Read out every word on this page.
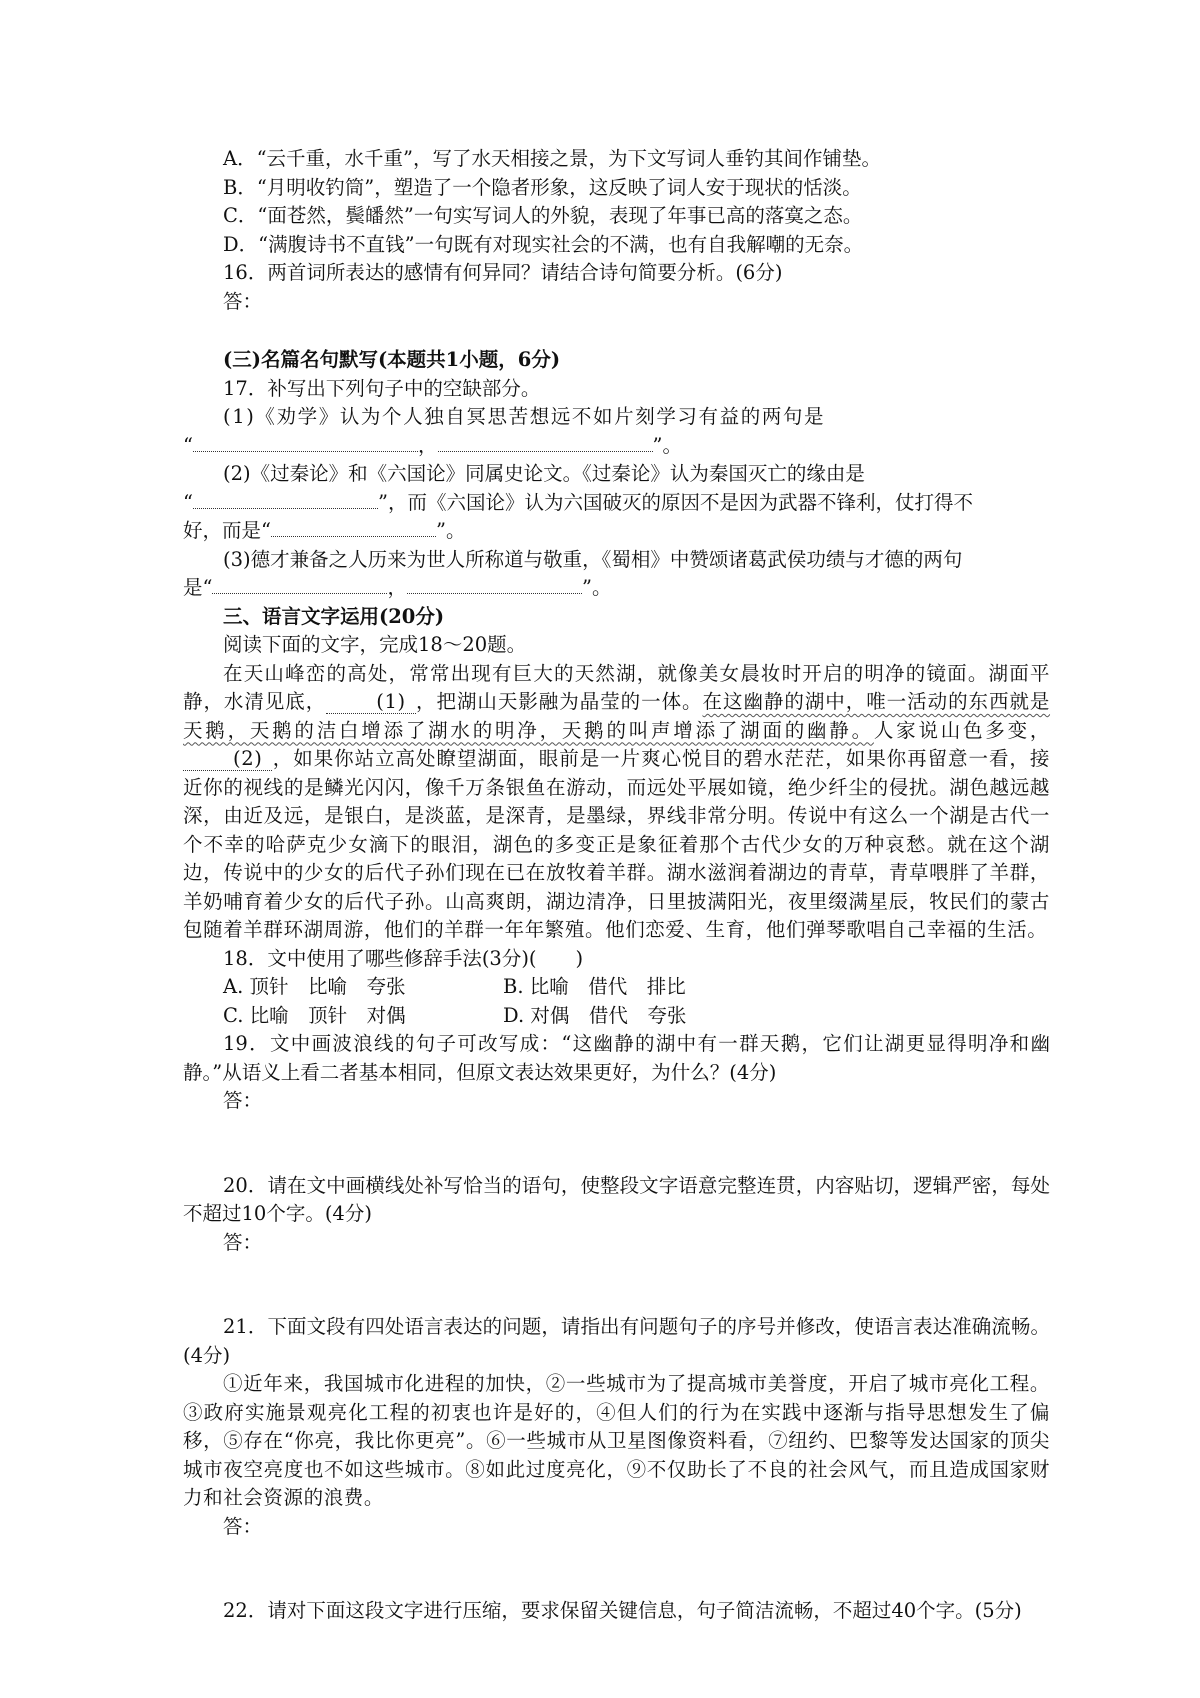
A．“云千重，水千重”，写了水天相接之景，为下文写词人垂钓其间作铺垫。

B．“月明收钓筒”，塑造了一个隐者形象，这反映了词人安于现状的恬淡。

C．“面苍然，鬓皤然”一句实写词人的外貌，表现了年事已高的落寞之态。

D．“满腹诗书不直钱”一句既有对现实社会的不满，也有自我解嘲的无奈。

16．两首词所表达的感情有何异同？请结合诗句简要分析。(6分)

答：

(三)名篇名句默写(本题共1小题，6分)

17．补写出下列句子中的空缺部分。

(1)《劝学》认为个人独自冥思苦想远不如片刻学习有益的两句是

“	，	”。

(2)《过秦论》和《六国论》同属史论文。《过秦论》认为秦国灭亡的缘由是

“	”，而《六国论》认为六国破灭的原因不是因为武器不锋利，仗打得不

好，而是“	”。

(3)德才兼备之人历来为世人所称道与敬重，《蜀相》中赞颂诸葛武侯功绩与才德的两句

是“	，	”。

三、语言文字运用(20分)

阅读下面的文字，完成18～20题。

在天山峰峦的高处，常常出现有巨大的天然湖，就像美女晨妆时开启的明净的镜面。湖面平静，水清见底，	(1) ，把湖山天影融为晶莹的一体。在这幽静的湖中，唯一活动的东西就是天鹅，天鹅的洁白增添了湖水的明净，天鹅的叫声增添了湖面的幽静。人家说山色多变，(2) ，如果你站立高处瞭望湖面，眼前是一片爽心悦目的碧水茫茫，如果你再留意一看，接近你的视线的是鳞光闪闪，像千万条银鱼在游动，而远处平展如镜，绝少纤尘的侵扰。湖色越远越深，由近及远，是银白，是淡蓝，是深青，是墨绿，界线非常分明。传说中有这么一个湖是古代一个不幸的哈萨克少女滴下的眼泪，湖色的多变正是象征着那个古代少女的万种哀愁。就在这个湖边，传说中的少女的后代子孙们现在已在放牧着羊群。湖水滋润着湖边的青草，青草喂胖了羊群，羊奶哺育着少女的后代子孙。山高爽朗，湖边清净，日里披满阳光，夜里缀满星辰，牧民们的蒙古包随着羊群环湖周游，他们的羊群一年年繁殖。他们恋爱、生育，他们弹琴歌唱自己幸福的生活。

18．文中使用了哪些修辞手法(3分)(　　)

A. 顶针　比喻　夸张	B. 比喻　借代　排比

C. 比喻　顶针　对偶	D. 对偶　借代　夸张

19．文中画波浪线的句子可改写成：“这幽静的湖中有一群天鹅，它们让湖更显得明净和幽静。”从语义上看二者基本相同，但原文表达效果更好，为什么？(4分)

答：

20．请在文中画横线处补写恰当的语句，使整段文字语意完整连贯，内容贴切，逻辑严密，每处不超过10个字。(4分)

答：

21．下面文段有四处语言表达的问题，请指出有问题句子的序号并修改，使语言表达准确流畅。(4分)

①近年来，我国城市化进程的加快，②一些城市为了提高城市美誉度，开启了城市亮化工程。③政府实施景观亮化工程的初衷也许是好的，④但人们的行为在实践中逐渐与指导思想发生了偏移，⑤存在“你亮，我比你更亮”。⑥一些城市从卫星图像资料看，⑦纽约、巴黎等发达国家的顶尖城市夜空亮度也不如这些城市。⑧如此过度亮化，⑨不仅助长了不良的社会风气，而且造成国家财力和社会资源的浪费。

答：

22．请对下面这段文字进行压缩，要求保留关键信息，句子简洁流畅，不超过40个字。(5分)
